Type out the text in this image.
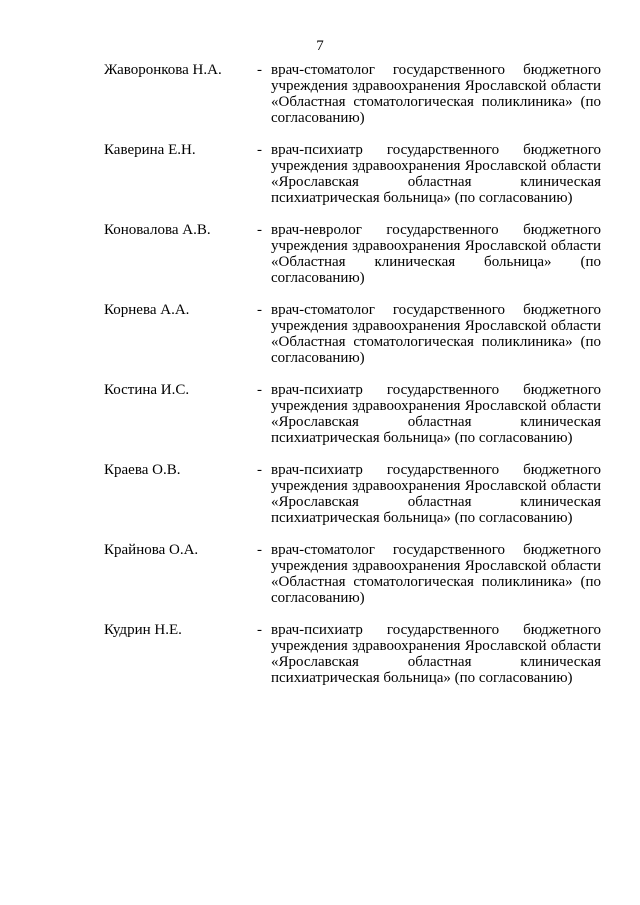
7
Жаворонкова Н.А. - врач-стоматолог государственного бюджетного учреждения здравоохранения Ярославской области «Областная стоматологическая поликлиника» (по согласованию)
Каверина Е.Н.	- врач-психиатр государственного бюджетного учреждения здравоохранения Ярославской области «Ярославская областная клиническая психиатрическая больница» (по согласованию)
Коновалова А.В.	- врач-невролог государственного бюджетного учреждения здравоохранения Ярославской области «Областная клиническая больница» (по согласованию)
Корнева А.А.	- врач-стоматолог государственного бюджетного учреждения здравоохранения Ярославской области «Областная стоматологическая поликлиника» (по согласованию)
Костина И.С.	- врач-психиатр государственного бюджетного учреждения здравоохранения Ярославской области «Ярославская областная клиническая психиатрическая больница» (по согласованию)
Краева О.В.	- врач-психиатр государственного бюджетного учреждения здравоохранения Ярославской области «Ярославская областная клиническая психиатрическая больница» (по согласованию)
Крайнова О.А.	- врач-стоматолог государственного бюджетного учреждения здравоохранения Ярославской области «Областная стоматологическая поликлиника» (по согласованию)
Кудрин Н.Е.	- врач-психиатр государственного бюджетного учреждения здравоохранения Ярославской области «Ярославская областная клиническая психиатрическая больница» (по согласованию)
